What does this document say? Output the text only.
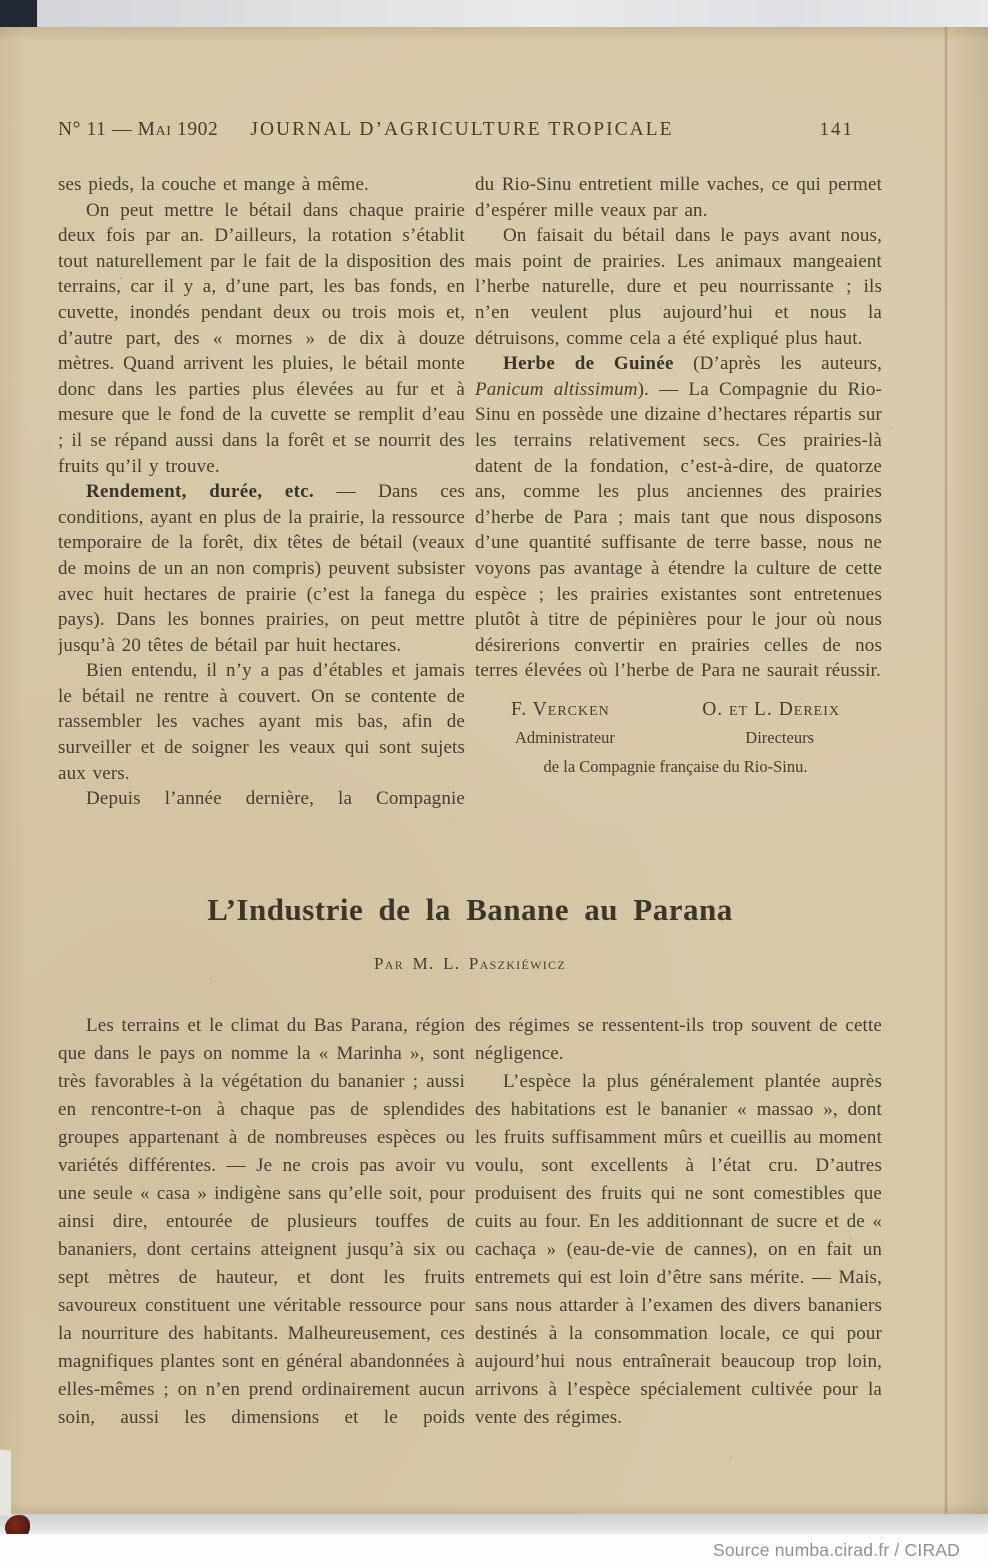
N° 11 — Mai 1902 JOURNAL D’AGRICULTURE TROPICALE	141

ses pieds, la couche et mange à même.

On peut mettre le bétail dans chaque prairie deux fois par an. D’ailleurs, la rotation s’établit tout naturellement par le fait de la disposition des terrains, car il y a, d’une part, les bas fonds, en cuvette, inondés pendant deux ou trois mois et, d’autre part, des « mornes » de dix à douze mètres. Quand arrivent les pluies, le bétail monte donc dans les parties plus élevées au fur et à mesure que le fond de la cuvette se remplit d’eau ; il se répand aussi dans la forêt et se nourrit des fruits qu’il y trouve.

Rendement, durée, etc. — Dans ces conditions, ayant en plus de la prairie, la ressource temporaire de la forêt, dix têtes de bétail (veaux de moins de un an non compris) peuvent subsister avec huit hectares de prairie (c’est la fanega du pays). Dans les bonnes prairies, on peut mettre jusqu’à 20 têtes de bétail par huit hectares.

Bien entendu, il n’y a pas d’étables et jamais le bétail ne rentre à couvert. On se contente de rassembler les vaches ayant mis bas, afin de surveiller et de soigner les veaux qui sont sujets aux vers.

Depuis l’année dernière, la Compagnie

du Rio-Sinu entretient mille vaches, ce qui permet d’espérer mille veaux par an.

On faisait du bétail dans le pays avant nous, mais point de prairies. Les animaux mangeaient l’herbe naturelle, dure et peu nourrissante ; ils n’en veulent plus aujourd’hui et nous la détruisons, comme cela a été expliqué plus haut.

Herbe de Guinée (D’après les auteurs, Panicum altissimum). — La Compagnie du Rio-Sinu en possède une dizaine d’hectares répartis sur les terrains relativement secs. Ces prairies-là datent de la fondation, c’est-à-dire, de quatorze ans, comme les plus anciennes des prairies d’herbe de Para ; mais tant que nous disposons d’une quantité suffisante de terre basse, nous ne voyons pas avantage à étendre la culture de cette espèce ; les prairies existantes sont entretenues plutôt à titre de pépinières pour le jour où nous désirerions convertir en prairies celles de nos terres élevées où l’herbe de Para ne saurait réussir.

F. Vercken	O. et L. Dereix
Administrateur	Directeurs
de la Compagnie française du Rio-Sinu.
L’Industrie de la Banane au Parana
Par M. L. Paszkiéwicz

Les terrains et le climat du Bas Parana, région que dans le pays on nomme la « Marinha », sont très favorables à la végétation du bananier ; aussi en rencontre-t-on à chaque pas de splendides groupes appartenant à de nombreuses espèces ou variétés différentes. — Je ne crois pas avoir vu une seule « casa » indigène sans qu’elle soit, pour ainsi dire, entourée de plusieurs touffes de bananiers, dont certains atteignent jusqu’à six ou sept mètres de hauteur, et dont les fruits savoureux constituent une véritable ressource pour la nourriture des habitants. Malheureusement, ces magnifiques plantes sont en général abandonnées à elles-mêmes ; on n’en prend ordinairement aucun soin, aussi les dimensions et le poids

des régimes se ressentent-ils trop souvent de cette négligence.

L’espèce la plus généralement plantée auprès des habitations est le bananier « massao », dont les fruits suffisamment mûrs et cueillis au moment voulu, sont excellents à l’état cru. D’autres produisent des fruits qui ne sont comestibles que cuits au four. En les additionnant de sucre et de « cachaça » (eau-de-vie de cannes), on en fait un entremets qui est loin d’être sans mérite. — Mais, sans nous attarder à l’examen des divers bananiers destinés à la consommation locale, ce qui pour aujourd’hui nous entraînerait beaucoup trop loin, arrivons à l’espèce spécialement cultivée pour la vente des régimes.

Source numba.cirad.fr / CIRAD
